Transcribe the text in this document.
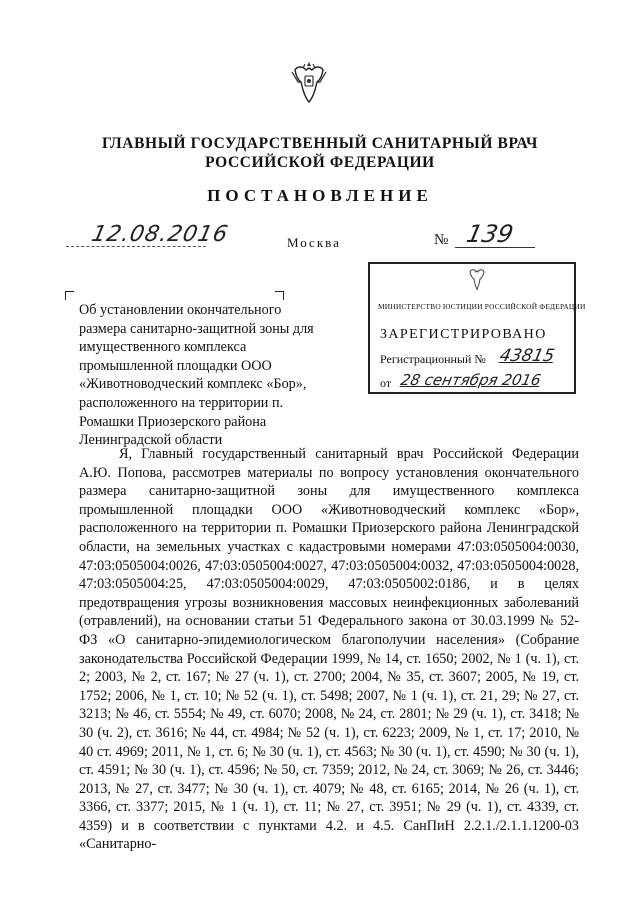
ГЛАВНЫЙ ГОСУДАРСТВЕННЫЙ САНИТАРНЫЙ ВРАЧ
РОССИЙСКОЙ ФЕДЕРАЦИИ
ПОСТАНОВЛЕНИЕ
12.08.2016	Москва	№ 139
Об установлении окончательного размера санитарно-защитной зоны для имущественного комплекса промышленной площадки ООО «Животноводческий комплекс «Бор», расположенного на территории п. Ромашки Приозерского района Ленинградской области
МИНИСТЕРСТВО ЮСТИЦИИ РОССИЙСКОЙ ФЕДЕРАЦИИ
ЗАРЕГИСТРИРОВАНО
Регистрационный № 43815
от 28 сентября 2016

Я, Главный государственный санитарный врач Российской Федерации А.Ю. Попова, рассмотрев материалы по вопросу установления окончательного размера санитарно-защитной зоны для имущественного комплекса промышленной площадки ООО «Животноводческий комплекс «Бор», расположенного на территории п. Ромашки Приозерского района Ленинградской области, на земельных участках с кадастровыми номерами 47:03:0505004:0030, 47:03:0505004:0026, 47:03:0505004:0027, 47:03:0505004:0032, 47:03:0505004:0028, 47:03:0505004:25, 47:03:0505004:0029, 47:03:0505002:0186, и в целях предотвращения угрозы возникновения массовых неинфекционных заболеваний (отравлений), на основании статьи 51 Федерального закона от 30.03.1999 № 52-ФЗ «О санитарно-эпидемиологическом благополучии населения» (Собрание законодательства Российской Федерации 1999, № 14, ст. 1650; 2002, № 1 (ч. 1), ст. 2; 2003, № 2, ст. 167; № 27 (ч. 1), ст. 2700; 2004, № 35, ст. 3607; 2005, № 19, ст. 1752; 2006, № 1, ст. 10; № 52 (ч. 1), ст. 5498; 2007, № 1 (ч. 1), ст. 21, 29; № 27, ст. 3213; № 46, ст. 5554; № 49, ст. 6070; 2008, № 24, ст. 2801; № 29 (ч. 1), ст. 3418; № 30 (ч. 2), ст. 3616; № 44, ст. 4984; № 52 (ч. 1), ст. 6223; 2009, № 1, ст. 17; 2010, № 40 ст. 4969; 2011, № 1, ст. 6; № 30 (ч. 1), ст. 4563; № 30 (ч. 1), ст. 4590; № 30 (ч. 1), ст. 4591; № 30 (ч. 1), ст. 4596; № 50, ст. 7359; 2012, № 24, ст. 3069; № 26, ст. 3446; 2013, № 27, ст. 3477; № 30 (ч. 1), ст. 4079; № 48, ст. 6165; 2014, № 26 (ч. 1), ст. 3366, ст. 3377; 2015, № 1 (ч. 1), ст. 11; № 27, ст. 3951; № 29 (ч. 1), ст. 4339, ст. 4359) и в соответствии с пунктами 4.2. и 4.5. СанПиН 2.2.1./2.1.1.1200-03 «Санитарно-
